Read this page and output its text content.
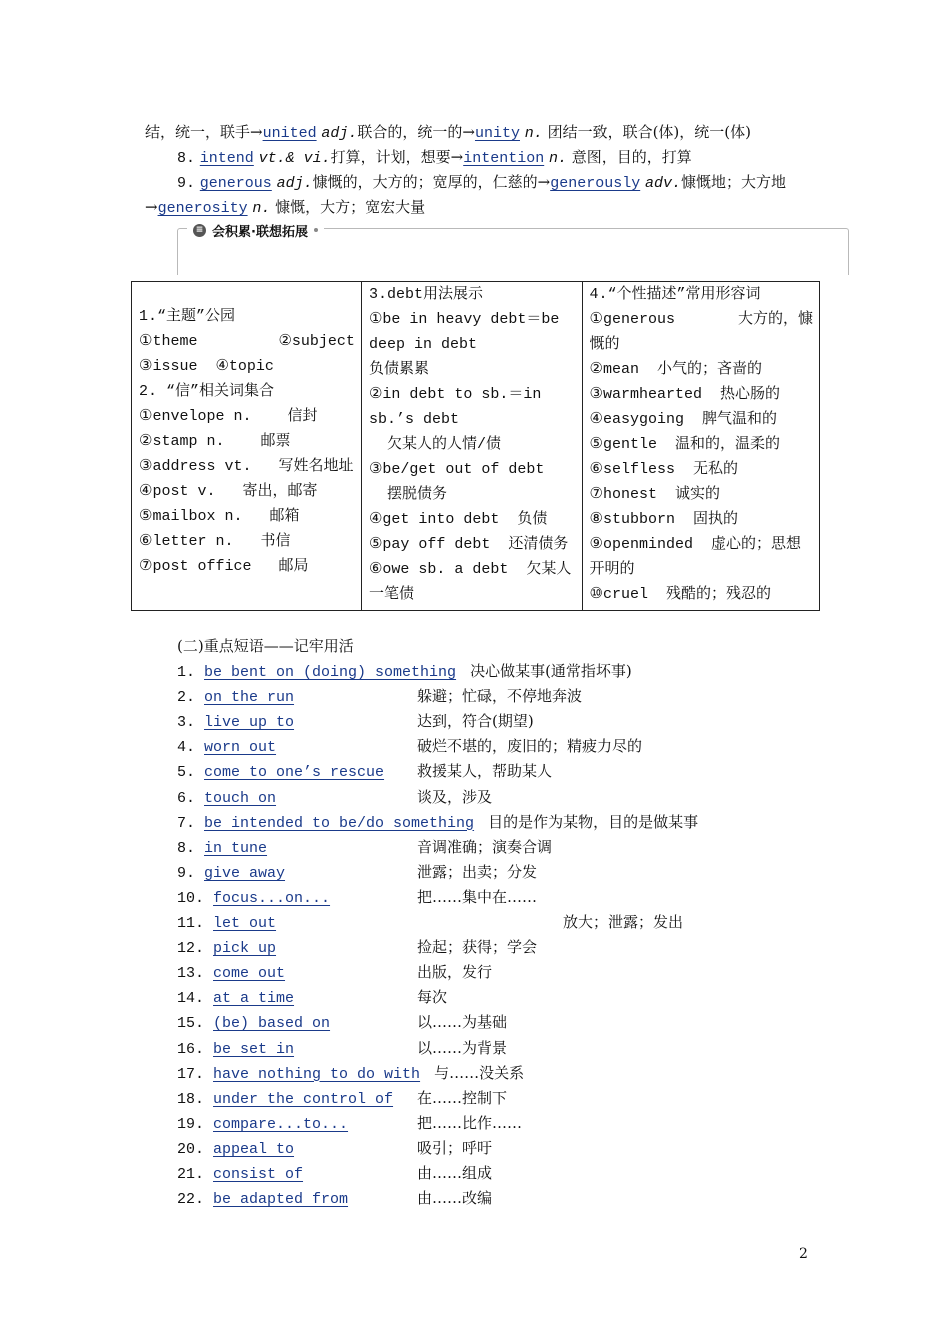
结，统一，联手→united adj.联合的，统一的→unity n. 团结一致，联合(体)，统一(体)
8. intend vt.& vi.打算，计划，想要→intention n. 意图，目的，打算
9. generous adj.慷慨的，大方的；宽厚的，仁慈的→generously adv.慷慨地；大方地
→generosity n. 慷慨，大方；宽宏大量
≡ 会积累·联想拓展
1.“主题”公园
①theme         ②subject
③issue  ④topic
2. “信”相关词集合
①envelope n.    信封
②stamp n.    邮票
③address vt.   写姓名地址
④post v.   寄出，邮寄
⑤mailbox n.   邮箱
⑥letter n.   书信
⑦post office   邮局
3.debt用法展示
①be in heavy debt＝be
deep in debt
负债累累
②in debt to sb.＝in
sb.’s debt
欠某人的人情/债
③be/get out of debt
摆脱债务
④get into debt  负债
⑤pay off debt  还清债务
⑥owe sb. a debt  欠某人
一笔债
4.“个性描述”常用形容词
①generous       大方的，慷
慨的
②mean  小气的；吝啬的
③warmhearted  热心肠的
④easygoing  脾气温和的
⑤gentle  温和的，温柔的
⑥selfless  无私的
⑦honest  诚实的
⑧stubborn  固执的
⑨openminded  虚心的；思想
开明的
⑩cruel  残酷的；残忍的
(二)重点短语——记牢用活
1. be bent on (doing) something 决心做某事(通常指坏事)
2. on the run	躲避；忙碌，不停地奔波
3. live up to	达到，符合(期望)
4. worn out	破烂不堪的，废旧的；精疲力尽的
5. come to one’s rescue 救援某人，帮助某人
6. touch on	谈及，涉及
7. be intended to be/do something 目的是作为某物，目的是做某事
8. in tune	音调准确；演奏合调
9. give away	泄露；出卖；分发
10. focus...on...	把……集中在……
11. let out	放大；泄露；发出
12. pick up	捡起；获得；学会
13. come out	出版，发行
14. at a time	每次
15. (be) based on	以……为基础
16. be set in	以……为背景
17. have nothing to do with 与……没关系
18. under the control of 在……控制下
19. compare...to...	把……比作……
20. appeal to	吸引；呼吁
21. consist of	由……组成
22. be adapted from	由……改编
2
